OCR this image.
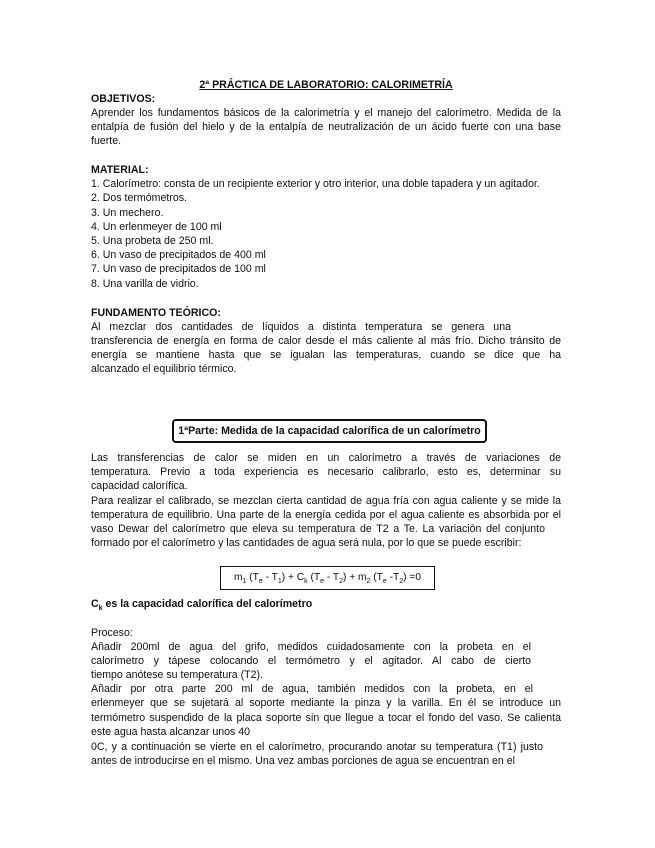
2ª PRÁCTICA DE LABORATORIO: CALORIMETRÍA
OBJETIVOS:
Aprender los fundamentos básicos de la calorimetría y el manejo del calorímetro. Medida de la
entalpía de fusión del hielo y de la entalpía de neutralización de un ácido fuerte con una base
fuerte.
MATERIAL:
1. Calorímetro: consta de un recipiente exterior y otro interior, una doble tapadera y un agitador.
2. Dos termómetros.
3. Un mechero.
4. Un erlenmeyer de 100 ml
5. Una probeta de 250 ml.
6. Un vaso de precipitados de 400 ml
7. Un vaso de precipitados de 100 ml
8. Una varilla de vidrio.
FUNDAMENTO TEÓRICO:
Al mezclar dos cantidades de líquidos a distinta temperatura se genera una
transferencia de energía en forma de calor desde el más caliente al más frío. Dicho tránsito de
energía se mantiene hasta que se igualan las temperaturas, cuando se dice que ha
alcanzado el equilibrio térmico.
1ªParte: Medida de la capacidad calorífica de un calorímetro
Las transferencias de calor se miden en un calorímetro a través de variaciones de
temperatura. Previo a toda experiencia es necesario calibrarlo, esto es, determinar su
capacidad calorífica.
Para realizar el calibrado, se mezclan cierta cantidad de agua fría con agua caliente y se mide la
temperatura de equilibrio. Una parte de la energía cedida por el agua caliente es absorbida por el
vaso Dewar del calorímetro que eleva su temperatura de T2 a Te. La variación del conjunto
formado por el calorímetro y las cantidades de agua será nula, por lo que se puede escribir:
$m_1$ $(T_e - T_1) + C_k$ $(T_e - T_2) + m_2$ ($T_e$ $-T_2) =0$
$C_k$ es la capacidad calorífica del calorímetro
Proceso:
Añadir 200ml de agua del grifo, medidos cuidadosamente con la probeta en el
calorímetro y tápese colocando el termómetro y el agitador. Al cabo de cierto
tiempo anótese su temperatura (T2).
Añadir por otra parte 200 ml de agua, también medidos con la probeta, en el
erlenmeyer que se sujetará al soporte mediante la pinza y la varilla. En él se introduce un
termómetro suspendido de la placa soporte sin que llegue a tocar el fondo del vaso. Se calienta
este agua hasta alcanzar unos 40
0C, y a continuación se vierte en el calorímetro, procurando anotar su temperatura (T1) justo
antes de introducirse en el mismo. Una vez ambas porciones de agua se encuentran en el
